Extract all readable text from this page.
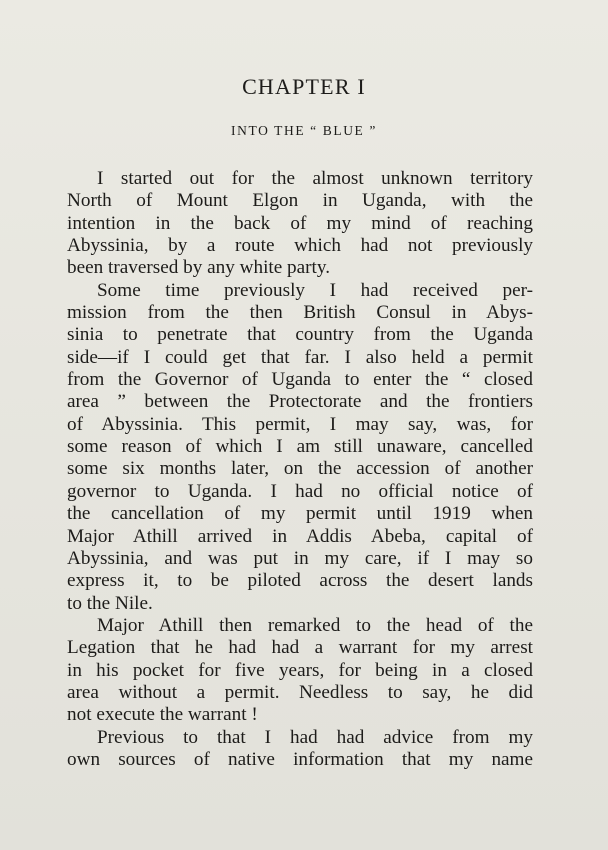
CHAPTER I
INTO THE “ BLUE ”
I started out for the almost unknown territory
North of Mount Elgon in Uganda, with the
intention in the back of my mind of reaching
Abyssinia, by a route which had not previously
been traversed by any white party.
Some time previously I had received per-
mission from the then British Consul in Abys-
sinia to penetrate that country from the Uganda
side—if I could get that far. I also held a permit
from the Governor of Uganda to enter the “ closed
area ” between the Protectorate and the frontiers
of Abyssinia. This permit, I may say, was, for
some reason of which I am still unaware, cancelled
some six months later, on the accession of another
governor to Uganda. I had no official notice of
the cancellation of my permit until 1919 when
Major Athill arrived in Addis Abeba, capital of
Abyssinia, and was put in my care, if I may so
express it, to be piloted across the desert lands
to the Nile.
Major Athill then remarked to the head of the
Legation that he had had a warrant for my arrest
in his pocket for five years, for being in a closed
area without a permit. Needless to say, he did
not execute the warrant !
Previous to that I had had advice from my
own sources of native information that my name
